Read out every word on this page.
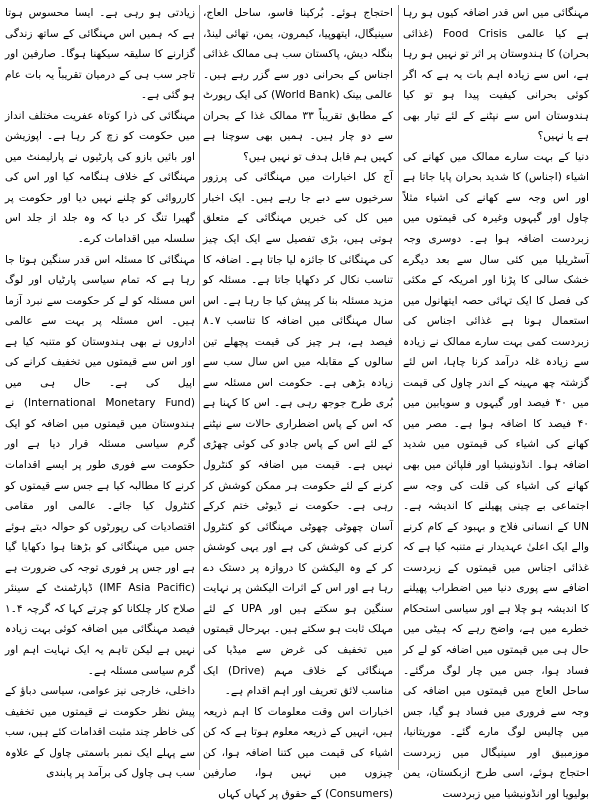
مہنگائی میں اس قدر اضافہ کیوں ہو رہا ہے کیا عالمی Food Crisis (غذائی بحران) کا ہندوستان پر اثر تو نہیں ہو رہا ہے، اس سے زیادہ اہم بات یہ ہے کہ اگر کوئی بحرانی کیفیت پیدا ہو تو کیا ہندوستان اس سے نپٹنے کے لئے تیار بھی ہے یا نہیں؟

دنیا کے بہت سارے ممالک میں کھانے کی اشیاء (اجناس) کا شدید بحران پایا جاتا ہے اور اس وجہ سے کھانے کی اشیاء مثلاً چاول اور گیہوں وغیرہ کی قیمتوں میں زبردست اضافہ ہوا ہے۔ دوسری وجہ آسٹریلیا میں کئی سال سے بعد دیگرے خشک سالی کا پڑنا اور امریکہ کے مکئی کی فصل کا ایک تہائی حصہ ایتھانول میں استعمال ہونا ہے غذائی اجناس کی زبردست کمی بہت سارے ممالک نے زیادہ سے زیادہ غلہ درآمد کرنا چاہا، اس لئے گزشتہ چھ مہینہ کے اندر چاول کی قیمت میں ۴۰ فیصد اور گیہوں و سویابین میں ۴۰ فیصد کا اضافہ ہوا ہے۔ مصر میں کھانے کی اشیاء کی قیمتوں میں شدید اضافہ ہوا۔ انڈونیشیا اور فلپائن میں بھی کھانے کی اشیاء کی قلت کی وجہ سے اجتماعی بے چینی پھیلنے کا اندیشہ ہے۔ UN کے انسانی فلاح و بہبود کے کام کرنے والے ایک اعلیٰ عہدیدار نے متنبہ کیا ہے کہ غذائی اجناس میں قیمتوں کے زبردست اضافے سے پوری دنیا میں اضطراب پھیلنے کا اندیشہ ہو چلا ہے اور سیاسی استحکام خطرے میں ہے، واضح رہے کہ ہیٹی میں حال ہی میں قیمتوں میں اضافہ کو لے کر فساد ہوا، جس میں چار لوگ مرگئے۔ ساحل العاج میں قیمتوں میں اضافہ کی وجہ سے فروری میں فساد ہو گیا، جس میں چالیس لوگ مارے گئے۔ موریتانیا، موزمبیق اور سینیگال میں زبردست احتجاج ہوئے، اسی طرح ازبکستان، یمن بولیویا اور انڈونیشیا میں زبردست

احتجاج ہوئے۔ بُرکینا فاسو، ساحل العاج، سینیگال، ایتھوپیا، کیمرون، یمن، تھائی لینڈ، بنگلہ دیش، پاکستان سب ہی ممالک غذائی اجناس کے بحرانی دور سے گزر رہے ہیں۔ عالمی بینک (World Bank) کی ایک رپورٹ کے مطابق تقریباً ۳۳ ممالک غذا کے بحران سے دو چار ہیں۔ ہمیں بھی سوچنا ہے کہیں ہم قابل ہدف تو نہیں ہیں؟

آج کل اخبارات میں مہنگائی کی پرزور سرخیوں سے دبے جا رہے ہیں۔ ایک اخبار میں کل کی خبریں مہنگائی کے متعلق ہوتی ہیں، بڑی تفصیل سے ایک ایک چیز کی مہنگائی کا جائزہ لیا جاتا ہے۔ اضافہ کا تناسب نکال کر دکھایا جاتا ہے۔ مسئلہ کو مزید مسئلہ بنا کر پیش کیا جا رہا ہے۔ اس سال مہنگائی میں اضافہ کا تناسب ۷۔۸ فیصد ہے، ہر چیز کی قیمت پچھلے تین سالوں کے مقابلہ میں اس سال سب سے زیادہ بڑھی ہے۔ حکومت اس مسئلہ سے بُری طرح جوجھ رہی ہے۔ اس کا کہنا ہے کہ اس کے پاس اضطراری حالات سے نپٹنے کے لئے اس کے پاس جادو کی کوئی چھڑی نہیں ہے۔ قیمت میں اضافہ کو کنٹرول کرنے کے لئے حکومت ہر ممکن کوشش کر رہی ہے۔ حکومت نے ڈیوٹی ختم کرکے آسان چھوٹی چھوٹی مہنگائی کو کنٹرول کرنے کی کوشش کی ہے اور یہی کوشش کر کے وہ الیکشن کا دروازہ پر دستک دے رہا ہے اور اس کے اثرات الیکشن پر نہایت سنگین ہو سکتے ہیں اور UPA کے لئے مہلک ثابت ہو سکتے ہیں۔ بہرحال قیمتوں میں تخفیف کی غرض سے میڈیا کی مہنگائی کے خلاف مہم (Drive) ایک مناسب لائق تعریف اور اہم اقدام ہے۔

اخبارات اس وقت معلومات کا اہم ذریعہ ہیں، انہیں کے ذریعہ معلوم ہوتا ہے کہ کن اشیاء کی قیمت میں کتنا اضافہ ہوا، کن چیزوں میں نہیں ہوا، صارفین (Consumers) کے حقوق پر کہاں کہاں

زیادتی ہو رہی ہے۔ ایسا محسوس ہوتا ہے کہ ہمیں اس مہنگائی کے ساتھ زندگی گزارنے کا سلیقہ سیکھنا ہوگا۔ صارفین اور تاجر سب ہی کے درمیان تقریباً یہ بات عام ہو گئی ہے۔

مہنگائی کی ذرا کوتاہ عفریت مختلف انداز میں حکومت کو زچ کر رہا ہے۔ اپوزیشن اور بائیں بازو کی پارٹیوں نے پارلیمنٹ میں مہنگائی کے خلاف ہنگامہ کیا اور اس کی کارروائی کو چلنے نہیں دیا اور حکومت پر گھیرا تنگ کر دیا کہ وہ جلد از جلد اس سلسلہ میں اقدامات کرے۔

مہنگائی کا مسئلہ اس قدر سنگین ہوتا جا رہا ہے کہ تمام سیاسی پارٹیاں اور لوگ اس مسئلہ کو لے کر حکومت سے نبرد آزما ہیں۔ اس مسئلہ پر بہت سے عالمی اداروں نے بھی ہندوستان کو متنبہ کیا ہے اور اس سے قیمتوں میں تخفیف کرانے کی اپیل کی ہے۔ حال ہی میں (International Monetary Fund) نے ہندوستان میں قیمتوں میں اضافہ کو ایک گرم سیاسی مسئلہ قرار دیا ہے اور حکومت سے فوری طور پر ایسے اقدامات کرنے کا مطالبہ کیا ہے جس سے قیمتوں کو کنٹرول کیا جائے۔ عالمی اور مقامی اقتصادیات کی رپورٹوں کو حوالہ دیتے ہوئے جس میں مہنگائی کو بڑھتا ہوا دکھایا گیا ہے اور جس پر فوری توجہ کی ضرورت ہے (IMF Asia Pacific) ڈپارٹمنٹ کے سینئر صلاح کار چلکانا کو چرتے کہا کہ گرچہ ۴۔۱ فیصد مہنگائی میں اضافہ کوئی بہت زیادہ نہیں ہے لیکن تاہم یہ ایک نہایت اہم اور گرم سیاسی مسئلہ ہے۔

داخلی، خارجی نیز عوامی، سیاسی دباؤ کے پیش نظر حکومت نے قیمتوں میں تخفیف کی خاطر چند مثبت اقدامات کئے ہیں، سب سے پہلے ایک نمبر باسمتی چاول کے علاوہ سب ہی چاول کی برآمد پر پابندی
